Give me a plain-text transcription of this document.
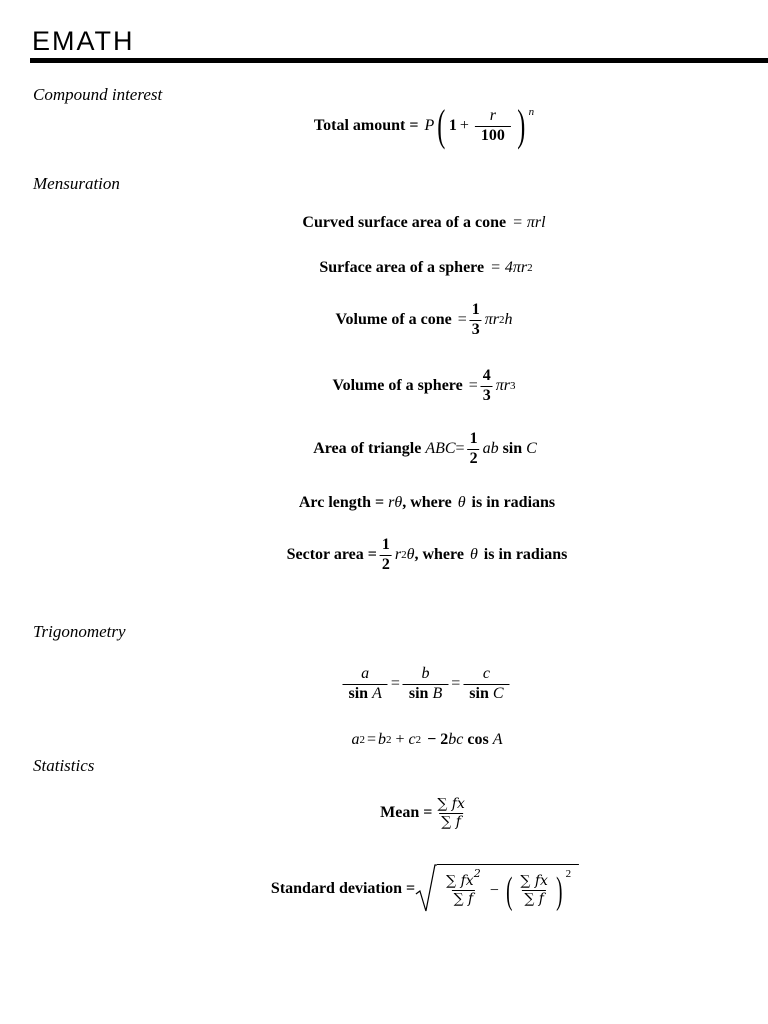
EMATH
Compound interest
Total amount = P ( $1 + \frac{r}{100}$ ) n
Mensuration
Curved surface area of a cone = πrl
Surface area of a sphere = 4πr 2
Volume of a cone = $\frac{1}{3}$ πr 2 h
Volume of a sphere = $\frac{4}{3}$ πr 3
Area of triangle ABC = $\frac{1}{2}$ ab sin C
Arc length = rθ , where θ is in radians
Sector area = $\frac{1}{2}$ r 2 θ , where θ is in radians
Trigonometry
$\frac{a}{\text{sin A}} = \frac{b}{\text{sin B}} = \frac{c}{\text{sin C}}$
a 2 = b 2 + c 2 − 2 bc cos A
Statistics
Mean = $\frac{\sum fx}{\sum f}$
Standard deviation = $\frac{\sum fx^2}{\sum f}$ − ( $\frac{\sum fx}{\sum f}$ ) $^2$
